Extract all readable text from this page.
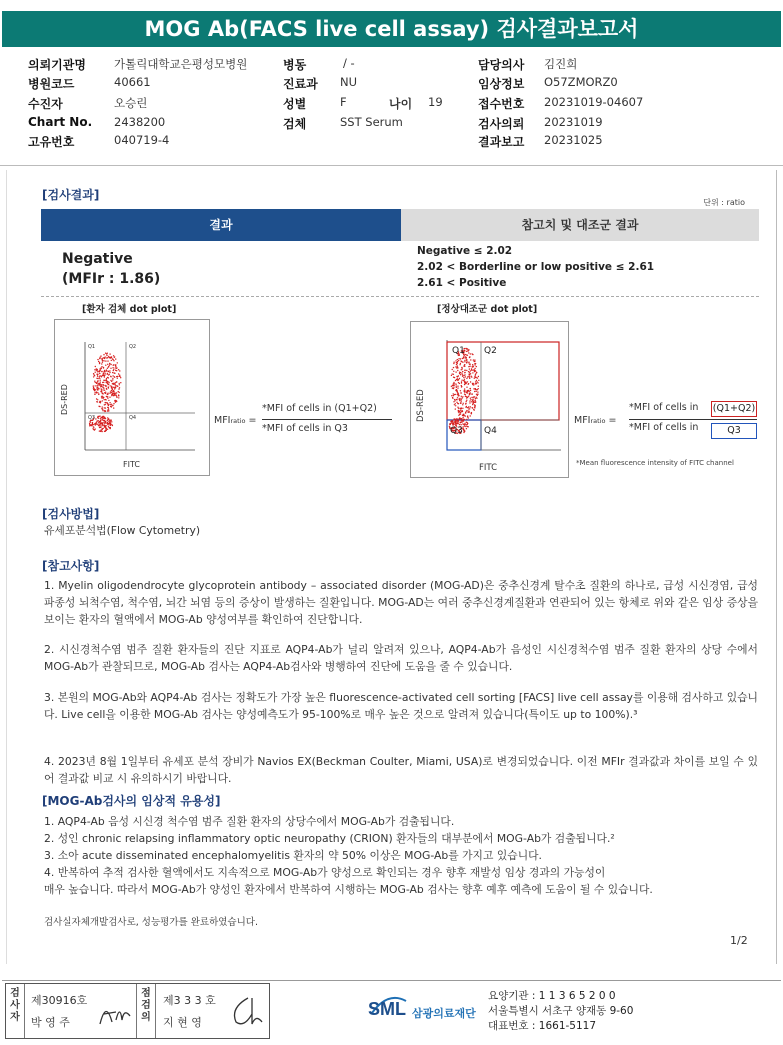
MOG Ab(FACS live cell assay) 검사결과보고서
의뢰기관명 가톨릭대학교은평성모병원
병원코드	40661
수진자	오승린
Chart No. 2438200
고유번호	040719-4
병동	/ -
진료과 NU
성별	F
검체	SST Serum
담당의사 김진희
임상정보 O57ZMORZ0
접수번호 20231019-04607
검사의뢰 20231019
결과보고 20231025
나이 19
[검사결과]
단위 : ratio
결과	참고치 및 대조군 결과
Negative
(MFIr : 1.86)
Negative ≤ 2.02
2.02 < Borderline or low positive ≤ 2.61
2.61 < Positive
[환자 검체 dot plot]
Q1	Q2
Q3	Q4
DS-RED
FITC
MFIratio =
*MFI of cells in (Q1+Q2)
*MFI of cells in Q3
[정상대조군 dot plot]
Q1 Q2
Q3 Q4
DS-RED
FITC
MFIratio =
*MFI of cells in (Q1+Q2)
*MFI of cells in	Q3
*Mean fluorescence intensity of FITC channel
[검사방법]
유세포분석법(Flow Cytometry)
[참고사항]
1. Myelin oligodendrocyte glycoprotein antibody – associated disorder (MOG-AD)은 중추신경계 탈수초 질환의 하나로, 급성 시신경염, 급성파종성 뇌척수염, 척수염, 뇌간 뇌염 등의 증상이 발생하는 질환입니다. MOG-AD는 여러 중추신경계질환과 연관되어 있는 항체로 위와 같은 임상 증상을 보이는 환자의 혈액에서 MOG-Ab 양성여부를 확인하여 진단합니다.
2. 시신경척수염 범주 질환 환자들의 진단 지표로 AQP4-Ab가 널리 알려져 있으나, AQP4-Ab가 음성인 시신경척수염 범주 질환 환자의 상당 수에서 MOG-Ab가 관찰되므로, MOG-Ab 검사는 AQP4-Ab검사와 병행하여 진단에 도움을 줄 수 있습니다.
3. 본원의 MOG-Ab와 AQP4-Ab 검사는 정확도가 가장 높은 fluorescence-activated cell sorting [FACS] live cell assay를 이용해 검사하고 있습니다. Live cell을 이용한 MOG-Ab 검사는 양성예측도가 95-100%로 매우 높은 것으로 알려져 있습니다(특이도 up to 100%).³
4. 2023년 8월 1일부터 유세포 분석 장비가 Navios EX(Beckman Coulter, Miami, USA)로 변경되었습니다. 이전 MFIr 결과값과 차이를 보일 수 있어 결과값 비교 시 유의하시기 바랍니다.
[MOG-Ab검사의 임상적 유용성]
1. AQP4-Ab 음성 시신경 척수염 범주 질환 환자의 상당수에서 MOG-Ab가 검출됩니다.
2. 성인 chronic relapsing inflammatory optic neuropathy (CRION) 환자들의 대부분에서 MOG-Ab가 검출됩니다.²
3. 소아 acute disseminated encephalomyelitis 환자의 약 50% 이상은 MOG-Ab를 가지고 있습니다.
4. 반복하여 추적 검사한 혈액에서도 지속적으로 MOG-Ab가 양성으로 확인되는 경우 향후 재발성 임상 경과의 가능성이
매우 높습니다. 따라서 MOG-Ab가 양성인 환자에서 반복하여 시행하는 MOG-Ab 검사는 향후 예후 예측에 도움이 될 수 있습니다.
검사실자체개발검사로, 성능평가를 완료하였습니다.
1/2
검사자
제30916호
박 영 주
점검의
제3 3 3 호
지 현 영
SML 삼광의료재단
요양기관 : 1 1 3 6 5 2 0 0
서울특별시 서초구 양재동 9-60
대표번호 : 1661-5117
